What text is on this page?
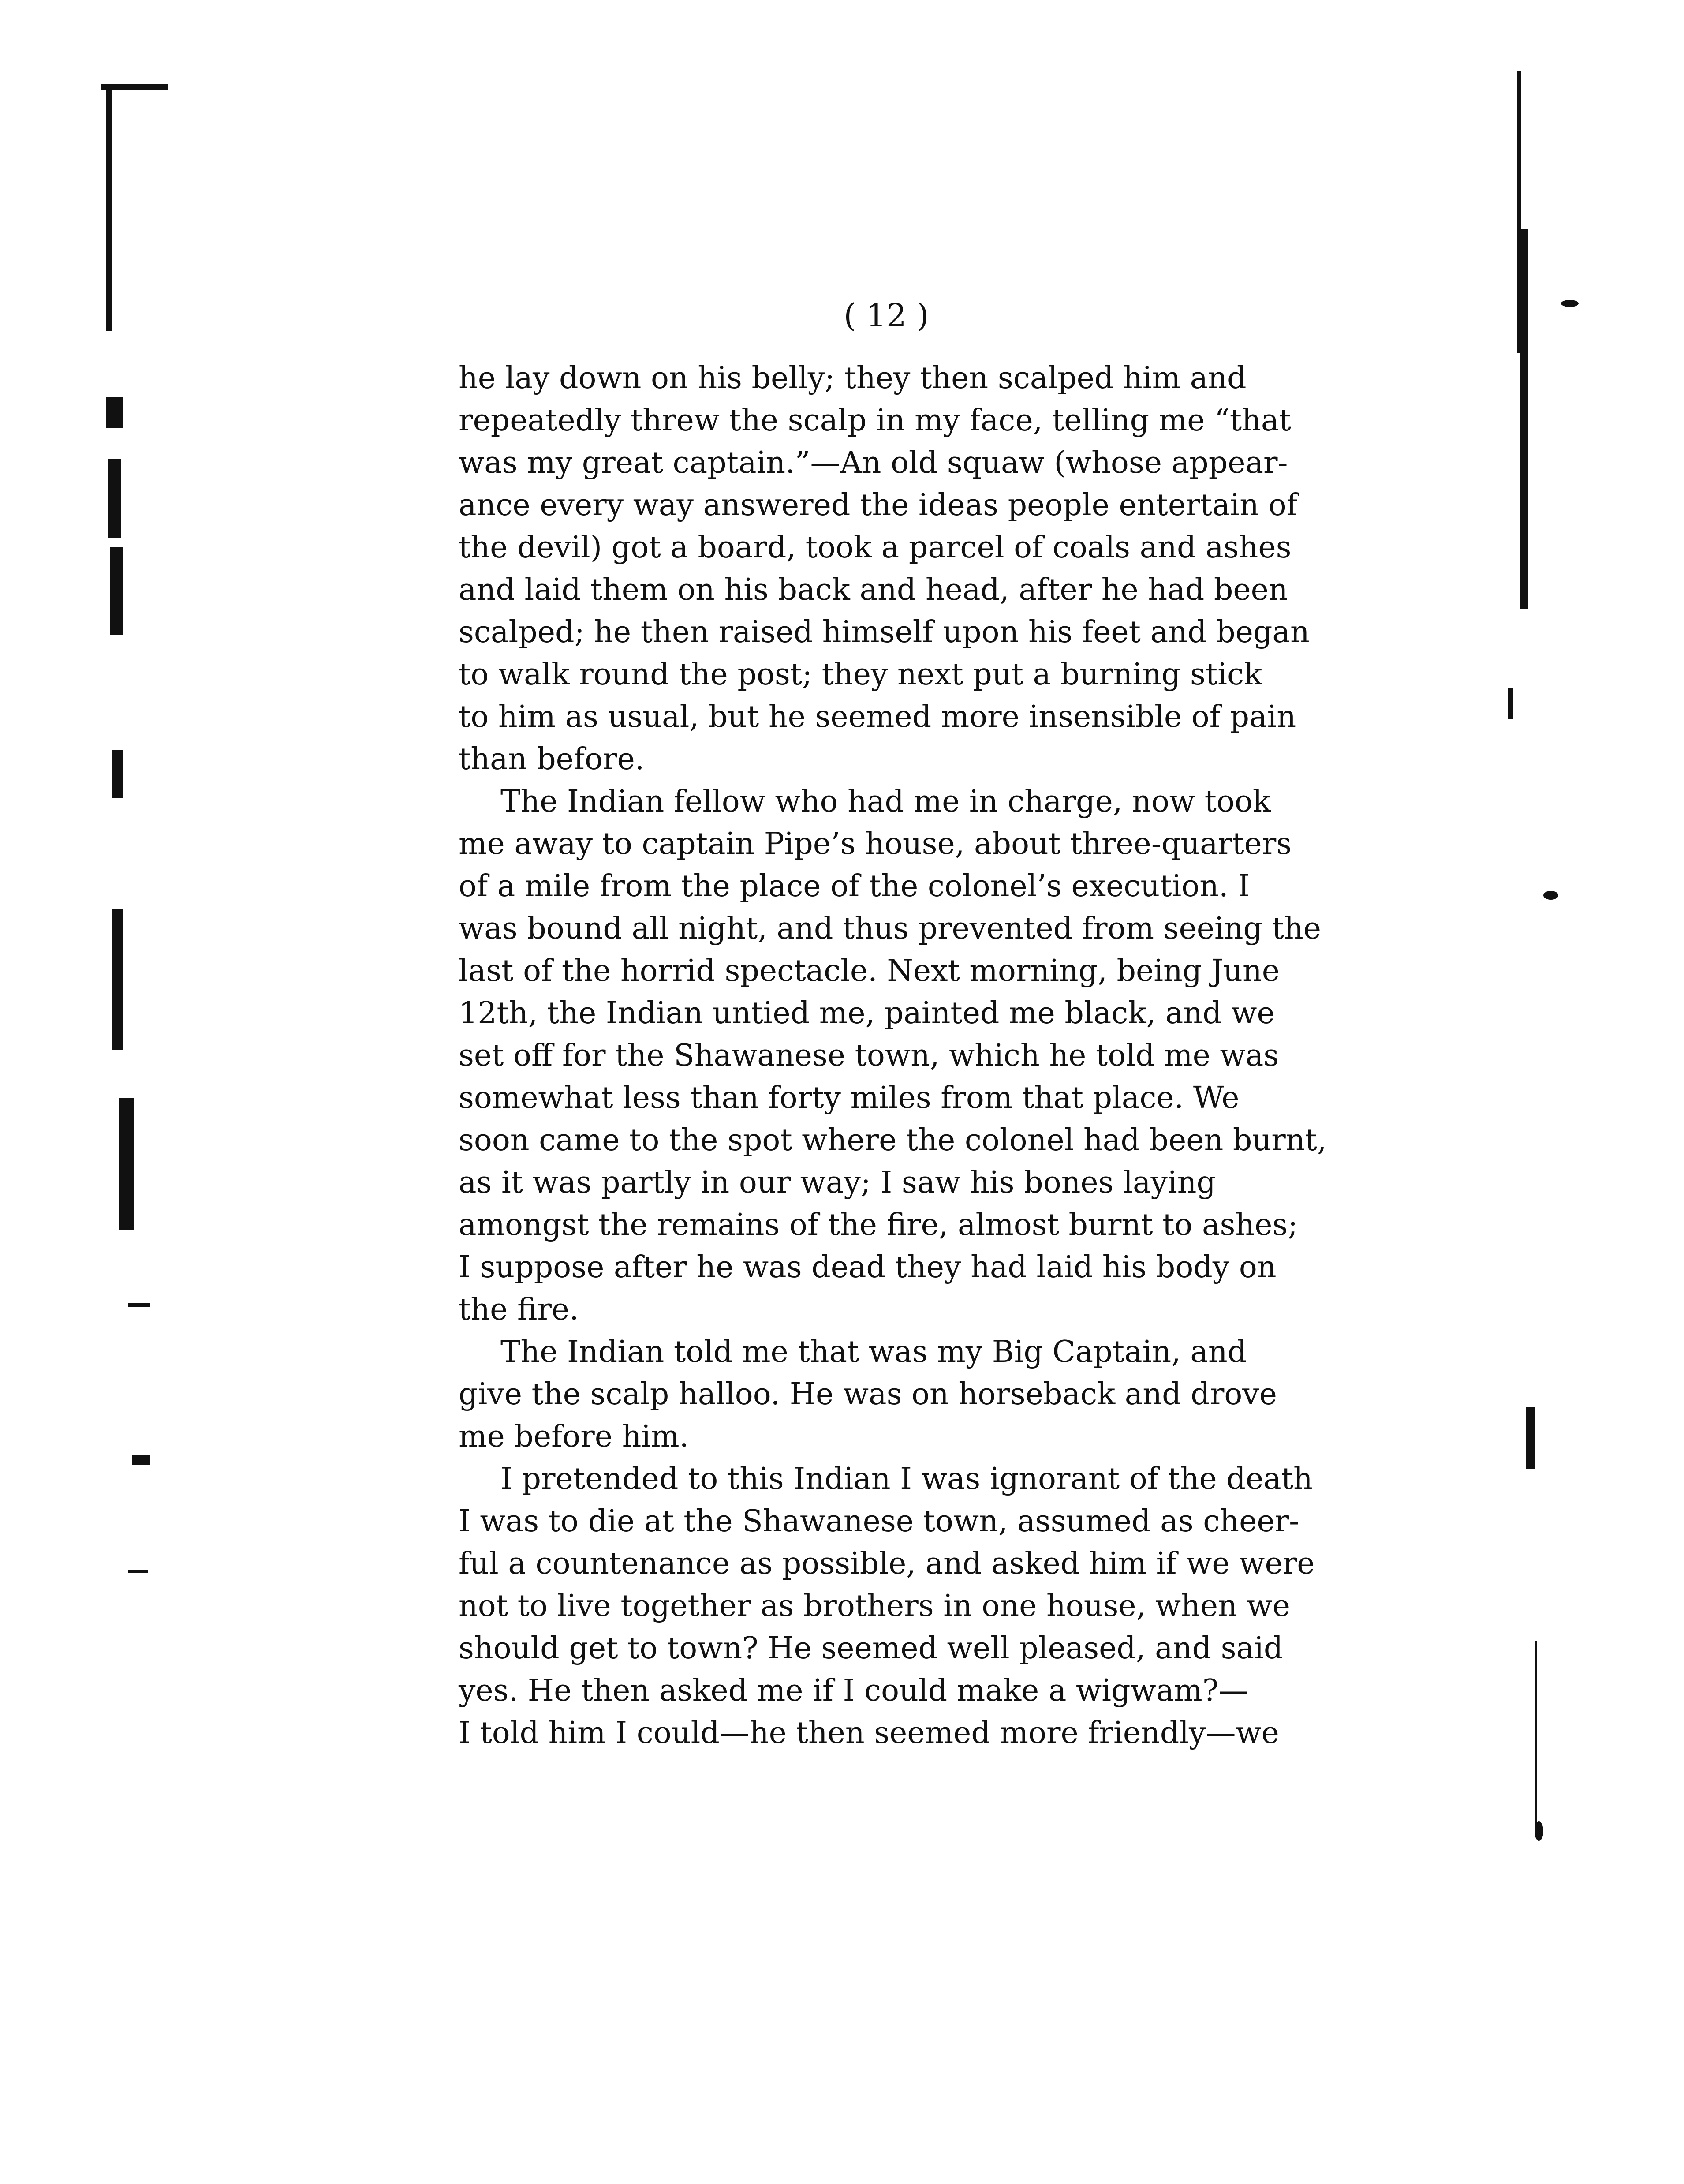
( 12 )

he lay down on his belly; they then scalped him and
repeatedly threw the scalp in my face, telling me “that
was my great captain.”—An old squaw (whose appear-
ance every way answered the ideas people entertain of
the devil) got a board, took a parcel of coals and ashes
and laid them on his back and head, after he had been
scalped; he then raised himself upon his feet and began
to walk round the post; they next put a burning stick
to him as usual, but he seemed more insensible of pain
than before.

The Indian fellow who had me in charge, now took
me away to captain Pipe’s house, about three-quarters
of a mile from the place of the colonel’s execution. I
was bound all night, and thus prevented from seeing the
last of the horrid spectacle. Next morning, being June
12th, the Indian untied me, painted me black, and we
set off for the Shawanese town, which he told me was
somewhat less than forty miles from that place. We
soon came to the spot where the colonel had been burnt,
as it was partly in our way; I saw his bones laying
amongst the remains of the fire, almost burnt to ashes;
I suppose after he was dead they had laid his body on
the fire.

The Indian told me that was my Big Captain, and
give the scalp halloo. He was on horseback and drove
me before him.

I pretended to this Indian I was ignorant of the death
I was to die at the Shawanese town, assumed as cheer-
ful a countenance as possible, and asked him if we were
not to live together as brothers in one house, when we
should get to town? He seemed well pleased, and said
yes. He then asked me if I could make a wigwam?—
I told him I could—he then seemed more friendly—we
